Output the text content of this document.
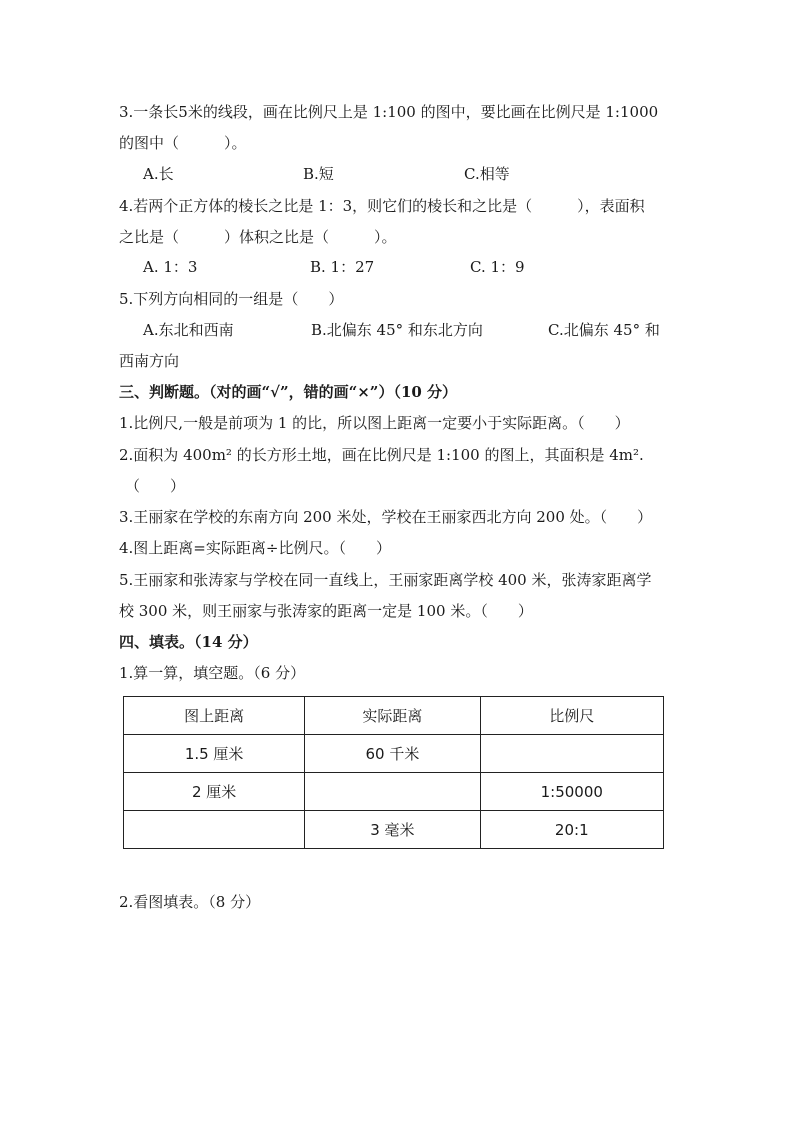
3.一条长5米的线段，画在比例尺上是 1:100 的图中，要比画在比例尺是 1:1000
的图中（　　　）。
A.长	B.短	C.相等
4.若两个正方体的棱长之比是 1：3，则它们的棱长和之比是（　　　），表面积
之比是（　　　）体积之比是（　　　）。
A. 1：3	B. 1：27	C. 1：9
5.下列方向相同的一组是（　　）
A.东北和西南	B.北偏东 45° 和东北方向	C.北偏东 45° 和
西南方向
三、判断题。（对的画“√”，错的画“×”）（10 分）
1.比例尺,一般是前项为 1 的比，所以图上距离一定要小于实际距离。（　　）
2.面积为 400m² 的长方形土地，画在比例尺是 1:100 的图上，其面积是 4m².
（　　）
3.王丽家在学校的东南方向 200 米处，学校在王丽家西北方向 200 处。（　　）
4.图上距离=实际距离÷比例尺。（　　）
5.王丽家和张涛家与学校在同一直线上，王丽家距离学校 400 米，张涛家距离学
校 300 米，则王丽家与张涛家的距离一定是 100 米。（　　）
四、填表。（14 分）
1.算一算，填空题。（6 分）
图上距离	实际距离	比例尺
1.5 厘米	60 千米	
2 厘米		1:50000
	3 毫米	20:1
2.看图填表。（8 分）
